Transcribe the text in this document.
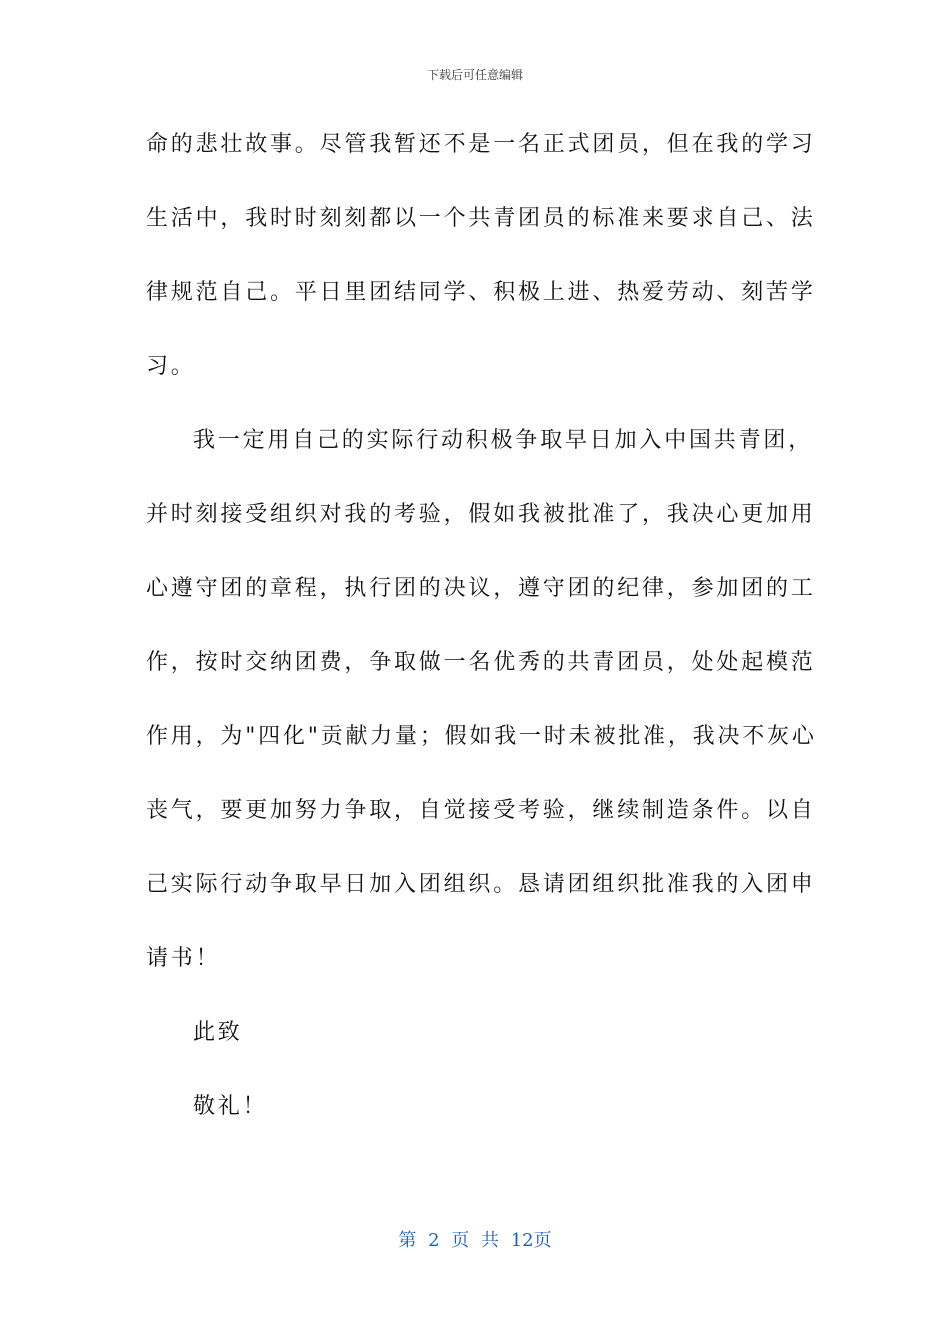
下载后可任意编辑
命的悲壮故事。尽管我暂还不是一名正式团员，但在我的学习
生活中，我时时刻刻都以一个共青团员的标准来要求自己、法
律规范自己。平日里团结同学、积极上进、热爱劳动、刻苦学
习。
我一定用自己的实际行动积极争取早日加入中国共青团，
并时刻接受组织对我的考验，假如我被批准了，我决心更加用
心遵守团的章程，执行团的决议，遵守团的纪律，参加团的工
作，按时交纳团费，争取做一名优秀的共青团员，处处起模范
作用，为"四化"贡献力量；假如我一时未被批准，我决不灰心
丧气，要更加努力争取，自觉接受考验，继续制造条件。以自
己实际行动争取早日加入团组织。恳请团组织批准我的入团申
请书！
此致
敬礼！
第 2 页 共 12页
